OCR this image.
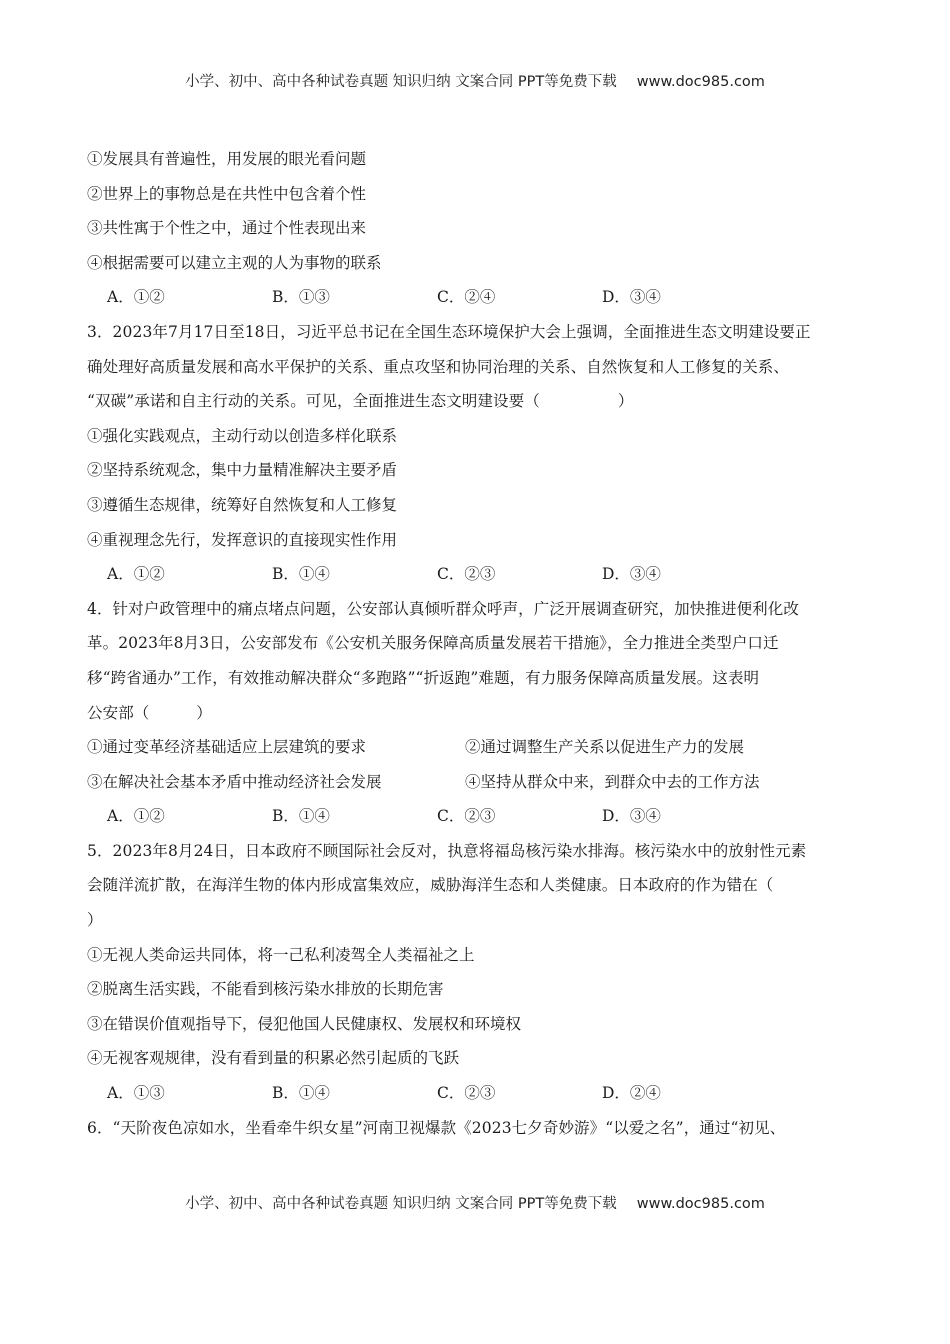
小学、初中、高中各种试卷真题 知识归纳 文案合同 PPT等免费下载 www.doc985.com
①发展具有普遍性，用发展的眼光看问题
②世界上的事物总是在共性中包含着个性
③共性寓于个性之中，通过个性表现出来
④根据需要可以建立主观的人为事物的联系
A．①②	B．①③	C．②④	D．③④
3．2023年7月17日至18日，习近平总书记在全国生态环境保护大会上强调，全面推进生态文明建设要正
确处理好高质量发展和高水平保护的关系、重点攻坚和协同治理的关系、自然恢复和人工修复的关系、
“双碳”承诺和自主行动的关系。可见，全面推进生态文明建设要（　　　　　）
①强化实践观点，主动行动以创造多样化联系
②坚持系统观念，集中力量精准解决主要矛盾
③遵循生态规律，统筹好自然恢复和人工修复
④重视理念先行，发挥意识的直接现实性作用
A．①②	B．①④	C．②③	D．③④
4．针对户政管理中的痛点堵点问题，公安部认真倾听群众呼声，广泛开展调查研究，加快推进便利化改
革。2023年8月3日，公安部发布《公安机关服务保障高质量发展若干措施》，全力推进全类型户口迁
移“跨省通办”工作，有效推动解决群众“多跑路”“折返跑”难题，有力服务保障高质量发展。这表明
公安部（　　　）
①通过变革经济基础适应上层建筑的要求	②通过调整生产关系以促进生产力的发展
③在解决社会基本矛盾中推动经济社会发展	④坚持从群众中来，到群众中去的工作方法
A．①②	B．①④	C．②③	D．③④
5．2023年8月24日，日本政府不顾国际社会反对，执意将福岛核污染水排海。核污染水中的放射性元素
会随洋流扩散，在海洋生物的体内形成富集效应，威胁海洋生态和人类健康。日本政府的作为错在（
）
①无视人类命运共同体，将一己私利凌驾全人类福祉之上
②脱离生活实践，不能看到核污染水排放的长期危害
③在错误价值观指导下，侵犯他国人民健康权、发展权和环境权
④无视客观规律，没有看到量的积累必然引起质的飞跃
A．①③	B．①④	C．②③	D．②④
6．“天阶夜色凉如水，坐看牵牛织女星”河南卫视爆款《2023七夕奇妙游》“以爱之名”，通过“初见、
小学、初中、高中各种试卷真题 知识归纳 文案合同 PPT等免费下载 www.doc985.com
